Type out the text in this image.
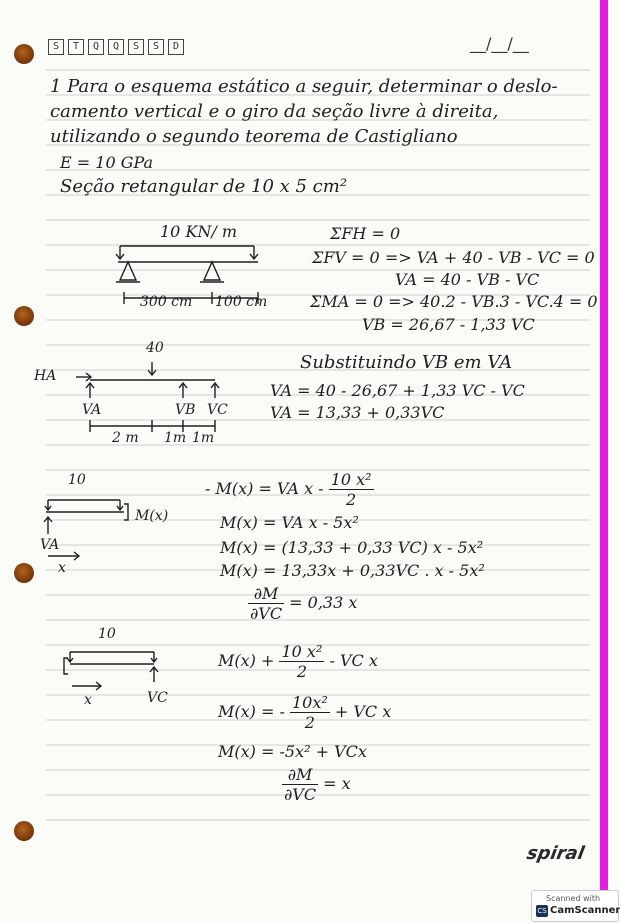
S	T	Q	Q	S	S	D	__/__/__
1 Para o esquema estático a seguir, determinar o deslo-
camento vertical e o giro da seção livre à direita,
utilizando o segundo teorema de Castigliano
E = 10 GPa
Seção retangular de 10 x 5 cm²
10 KN/ m
300 cm 100 cm
ΣFH = 0
ΣFV = 0 => VA + 40 - VB - VC = 0
VA = 40 - VB - VC
ΣMA = 0 => 40.2 - VB.3 - VC.4 = 0
VB = 26,67 - 1,33 VC
40
HA
VA	VB VC
2 m 1m 1m
Substituindo VB em VA
VA = 40 - 26,67 + 1,33 VC - VC
VA = 13,33 + 0,33VC
10
M(x)
VA
x
- M(x) = VA x - $\frac{\text{10 x²}}{2}$
M(x) = VA x - 5x²
M(x) = (13,33 + 0,33 VC) x - 5x²
M(x) = 13,33x + 0,33VC . x - 5x²
$\frac{\partial M}{\partial VC} = 0,33$ x
10
x	VC
$M(x) + \frac{\text{10 x²}}{2}$ - VC x
M(x) = - $\frac{\text{10x²}}{2}$ + VC x
M(x) = -5x² + VCx
$\frac{\partial M}{\partial VC} = x$
spiral
Scanned with
CS CamScanner
